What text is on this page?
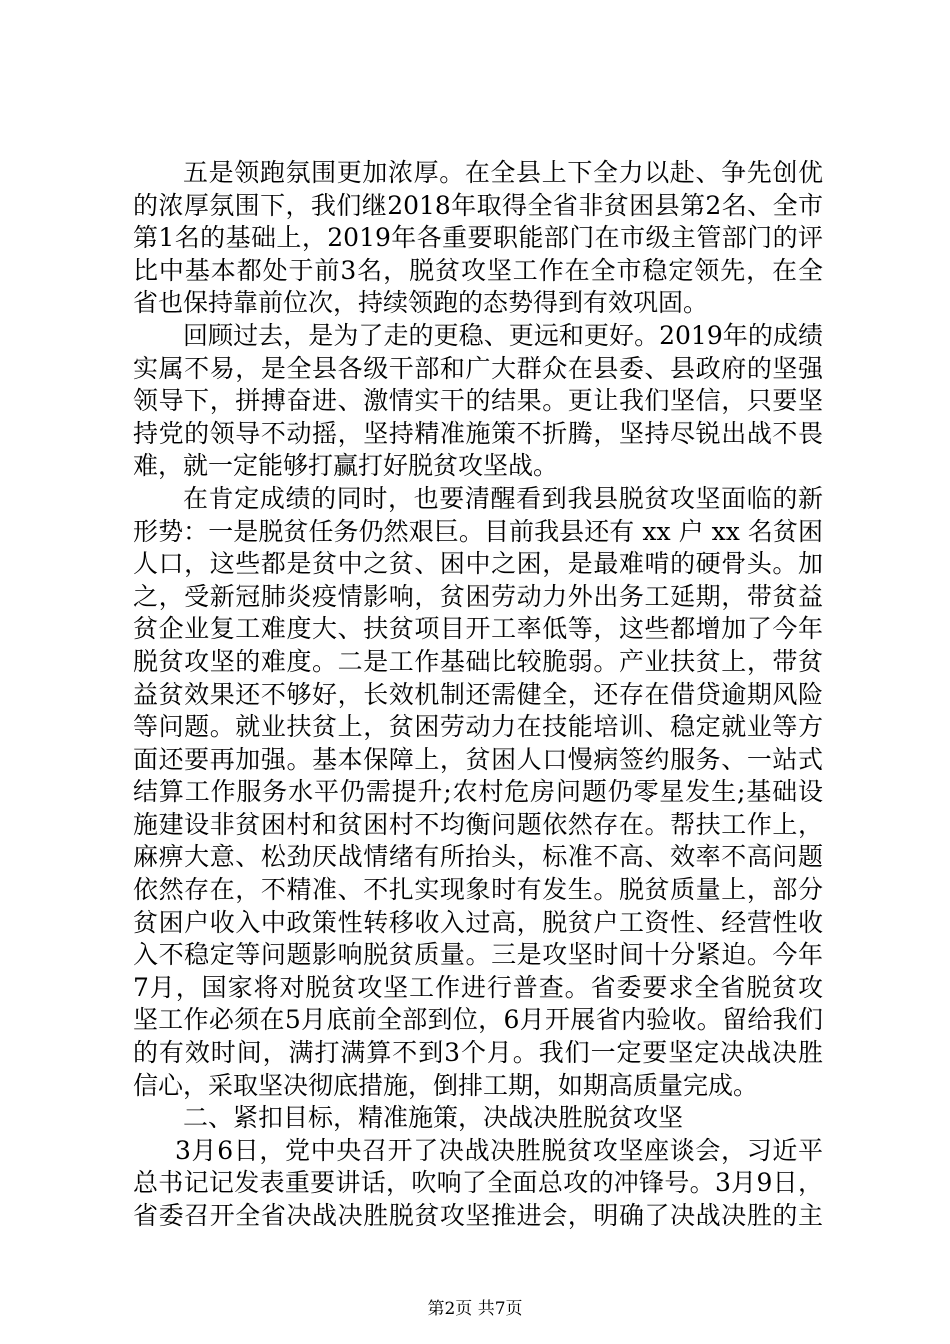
五是领跑氛围更加浓厚。在全县上下全力以赴、争先创优
的浓厚氛围下，我们继2018年取得全省非贫困县第2名、全市
第1名的基础上，2019年各重要职能部门在市级主管部门的评
比中基本都处于前3名，脱贫攻坚工作在全市稳定领先，在全
省也保持靠前位次，持续领跑的态势得到有效巩固。
回顾过去，是为了走的更稳、更远和更好。2019年的成绩
实属不易，是全县各级干部和广大群众在县委、县政府的坚强
领导下，拼搏奋进、激情实干的结果。更让我们坚信，只要坚
持党的领导不动摇，坚持精准施策不折腾，坚持尽锐出战不畏
难，就一定能够打赢打好脱贫攻坚战。
在肯定成绩的同时，也要清醒看到我县脱贫攻坚面临的新
形势：一是脱贫任务仍然艰巨。目前我县还有 xx 户 xx 名贫困
人口，这些都是贫中之贫、困中之困，是最难啃的硬骨头。加
之，受新冠肺炎疫情影响，贫困劳动力外出务工延期，带贫益
贫企业复工难度大、扶贫项目开工率低等，这些都增加了今年
脱贫攻坚的难度。二是工作基础比较脆弱。产业扶贫上，带贫
益贫效果还不够好，长效机制还需健全，还存在借贷逾期风险
等问题。就业扶贫上，贫困劳动力在技能培训、稳定就业等方
面还要再加强。基本保障上，贫困人口慢病签约服务、一站式
结算工作服务水平仍需提升;农村危房问题仍零星发生;基础设
施建设非贫困村和贫困村不均衡问题依然存在。帮扶工作上，
麻痹大意、松劲厌战情绪有所抬头，标准不高、效率不高问题
依然存在，不精准、不扎实现象时有发生。脱贫质量上，部分
贫困户收入中政策性转移收入过高，脱贫户工资性、经营性收
入不稳定等问题影响脱贫质量。三是攻坚时间十分紧迫。今年
7月，国家将对脱贫攻坚工作进行普查。省委要求全省脱贫攻
坚工作必须在5月底前全部到位，6月开展省内验收。留给我们
的有效时间，满打满算不到3个月。我们一定要坚定决战决胜
信心，采取坚决彻底措施，倒排工期，如期高质量完成。
二、紧扣目标，精准施策，决战决胜脱贫攻坚
3月6日，党中央召开了决战决胜脱贫攻坚座谈会，习近平
总书记记发表重要讲话，吹响了全面总攻的冲锋号。3月9日，
省委召开全省决战决胜脱贫攻坚推进会，明确了决战决胜的主
第2页 共7页
